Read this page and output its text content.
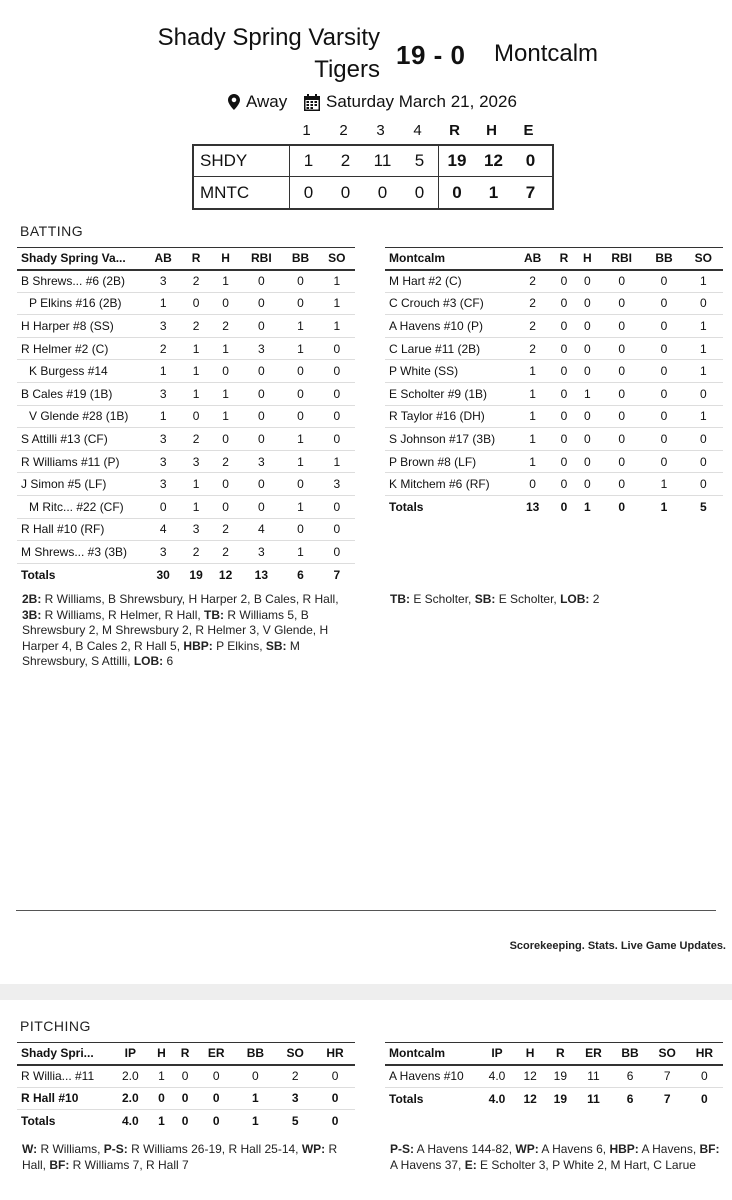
Shady Spring Varsity
Tigers 19 - 0 Montcalm
Away Saturday March 21, 2026
1	2	3	4	R	H	E
SHDY	1	2	11	5	19	12	0
MNTC	0	0	0	0	0	1	7
BATTING
Shady Spring Va...	AB	R	H	RBI	BB	SO
B Shrews... #6 (2B)	3	2	1	0	0	1
P Elkins #16 (2B)	1	0	0	0	0	1
H Harper #8 (SS)	3	2	2	0	1	1
R Helmer #2 (C)	2	1	1	3	1	0
K Burgess #14	1	1	0	0	0	0
B Cales #19 (1B)	3	1	1	0	0	0
V Glende #28 (1B)	1	0	1	0	0	0
S Attilli #13 (CF)	3	2	0	0	1	0
R Williams #11 (P)	3	3	2	3	1	1
J Simon #5 (LF)	3	1	0	0	0	3
M Ritc... #22 (CF)	0	1	0	0	1	0
R Hall #10 (RF)	4	3	2	4	0	0
M Shrews... #3 (3B)	3	2	2	3	1	0
Totals	30	19	12	13	6	7
Montcalm	AB	R	H	RBI	BB	SO
M Hart #2 (C)	2	0	0	0	0	1
C Crouch #3 (CF)	2	0	0	0	0	0
A Havens #10 (P)	2	0	0	0	0	1
C Larue #11 (2B)	2	0	0	0	0	1
P White (SS)	1	0	0	0	0	1
E Scholter #9 (1B)	1	0	1	0	0	0
R Taylor #16 (DH)	1	0	0	0	0	1
S Johnson #17 (3B)	1	0	0	0	0	0
P Brown #8 (LF)	1	0	0	0	0	0
K Mitchem #6 (RF)	0	0	0	0	1	0
Totals	13	0	1	0	1	5
2B: R Williams, B Shrewsbury, H Harper 2, B Cales, R Hall, 3B: R Williams, R Helmer, R Hall, TB: R Williams 5, B Shrewsbury 2, M Shrewsbury 2, R Helmer 3, V Glende, H Harper 4, B Cales 2, R Hall 5, HBP: P Elkins, SB: M Shrewsbury, S Attilli, LOB: 6
TB: E Scholter, SB: E Scholter, LOB: 2
Scorekeeping. Stats. Live Game Updates.
PITCHING
Shady Spri...	IP	H	R	ER	BB	SO	HR
R Willia... #11	2.0	1	0	0	0	2	0
R Hall #10	2.0	0	0	0	1	3	0
Totals	4.0	1	0	0	1	5	0
Montcalm	IP	H	R	ER	BB	SO	HR
A Havens #10	4.0	12	19	11	6	7	0
Totals	4.0	12	19	11	6	7	0
W: R Williams, P-S: R Williams 26-19, R Hall 25-14, WP: R Hall, BF: R Williams 7, R Hall 7
P-S: A Havens 144-82, WP: A Havens 6, HBP: A Havens, BF: A Havens 37, E: E Scholter 3, P White 2, M Hart, C Larue
